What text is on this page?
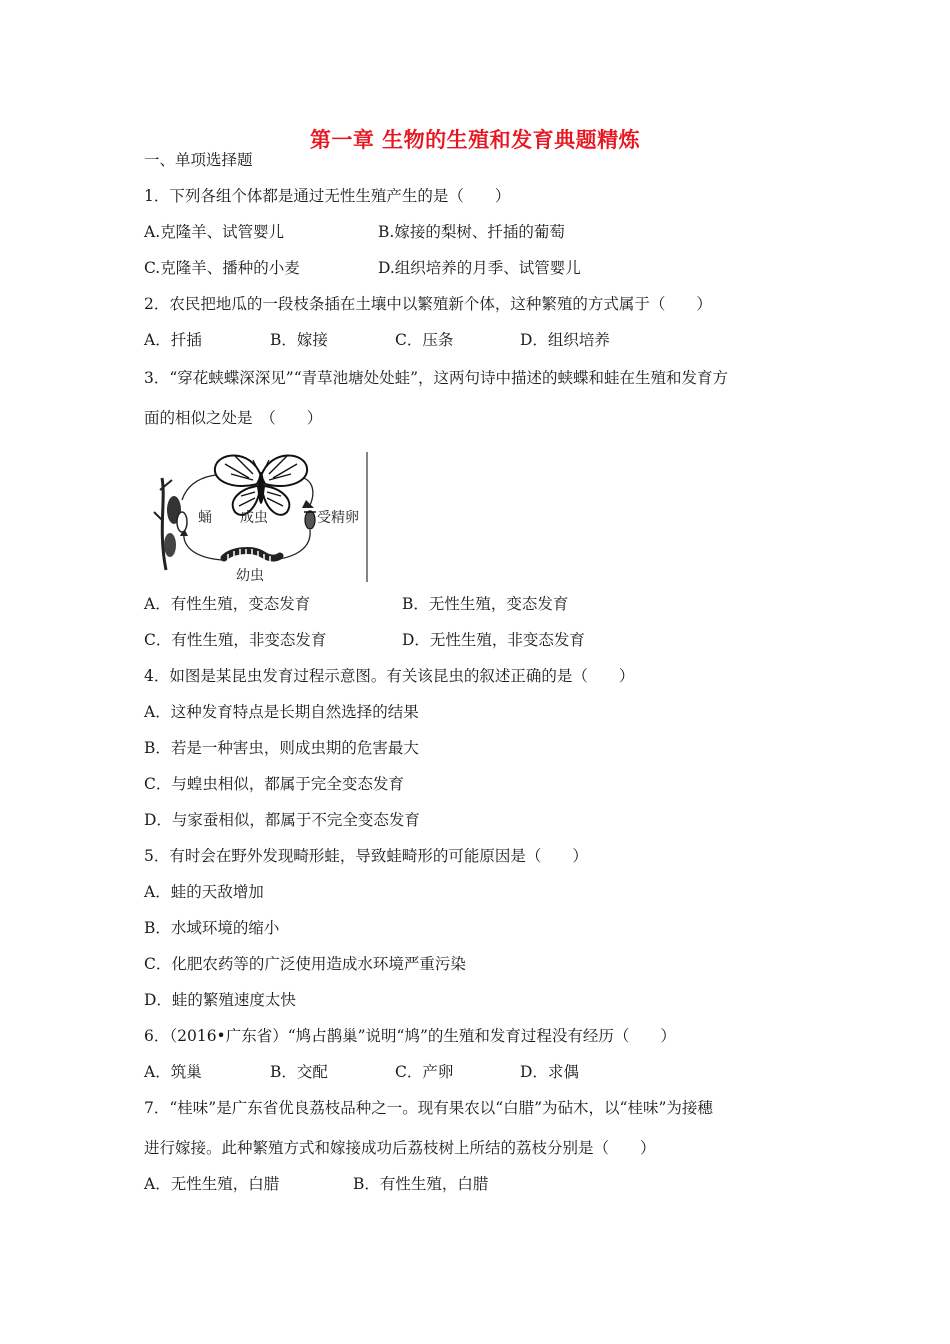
第一章 生物的生殖和发育典题精炼
一、单项选择题
1．下列各组个体都是通过无性生殖产生的是（　　）
A.克隆羊、试管婴儿	B.嫁接的梨树、扦插的葡萄
C.克隆羊、播种的小麦	D.组织培养的月季、试管婴儿
2．农民把地瓜的一段枝条插在土壤中以繁殖新个体，这种繁殖的方式属于（　　）
A．扦插	B．嫁接	C．压条	D．组织培养
3．“穿花蛱蝶深深见”“青草池塘处处蛙”，这两句诗中描述的蛱蝶和蛙在生殖和发育方
面的相似之处是　（　　）
蛹 成虫	受精卵
幼虫
A．有性生殖，变态发育	B．无性生殖，变态发育
C．有性生殖，非变态发育	D．无性生殖，非变态发育
4．如图是某昆虫发育过程示意图。有关该昆虫的叙述正确的是（　　）
A．这种发育特点是长期自然选择的结果
B．若是一种害虫，则成虫期的危害最大
C．与蝗虫相似，都属于完全变态发育
D．与家蚕相似，都属于不完全变态发育
5．有时会在野外发现畸形蛙，导致蛙畸形的可能原因是（　　）
A．蛙的天敌增加
B．水域环境的缩小
C．化肥农药等的广泛使用造成水环境严重污染
D．蛙的繁殖速度太快
6．（2016•广东省）“鸠占鹊巢”说明“鸠”的生殖和发育过程没有经历（　　）
A．筑巢	B．交配	C．产卵	D．求偶
7．“桂味”是广东省优良荔枝品种之一。现有果农以“白腊”为砧木，以“桂味”为接穗
进行嫁接。此种繁殖方式和嫁接成功后荔枝树上所结的荔枝分别是（　　）
A．无性生殖，白腊	B．有性生殖，白腊
